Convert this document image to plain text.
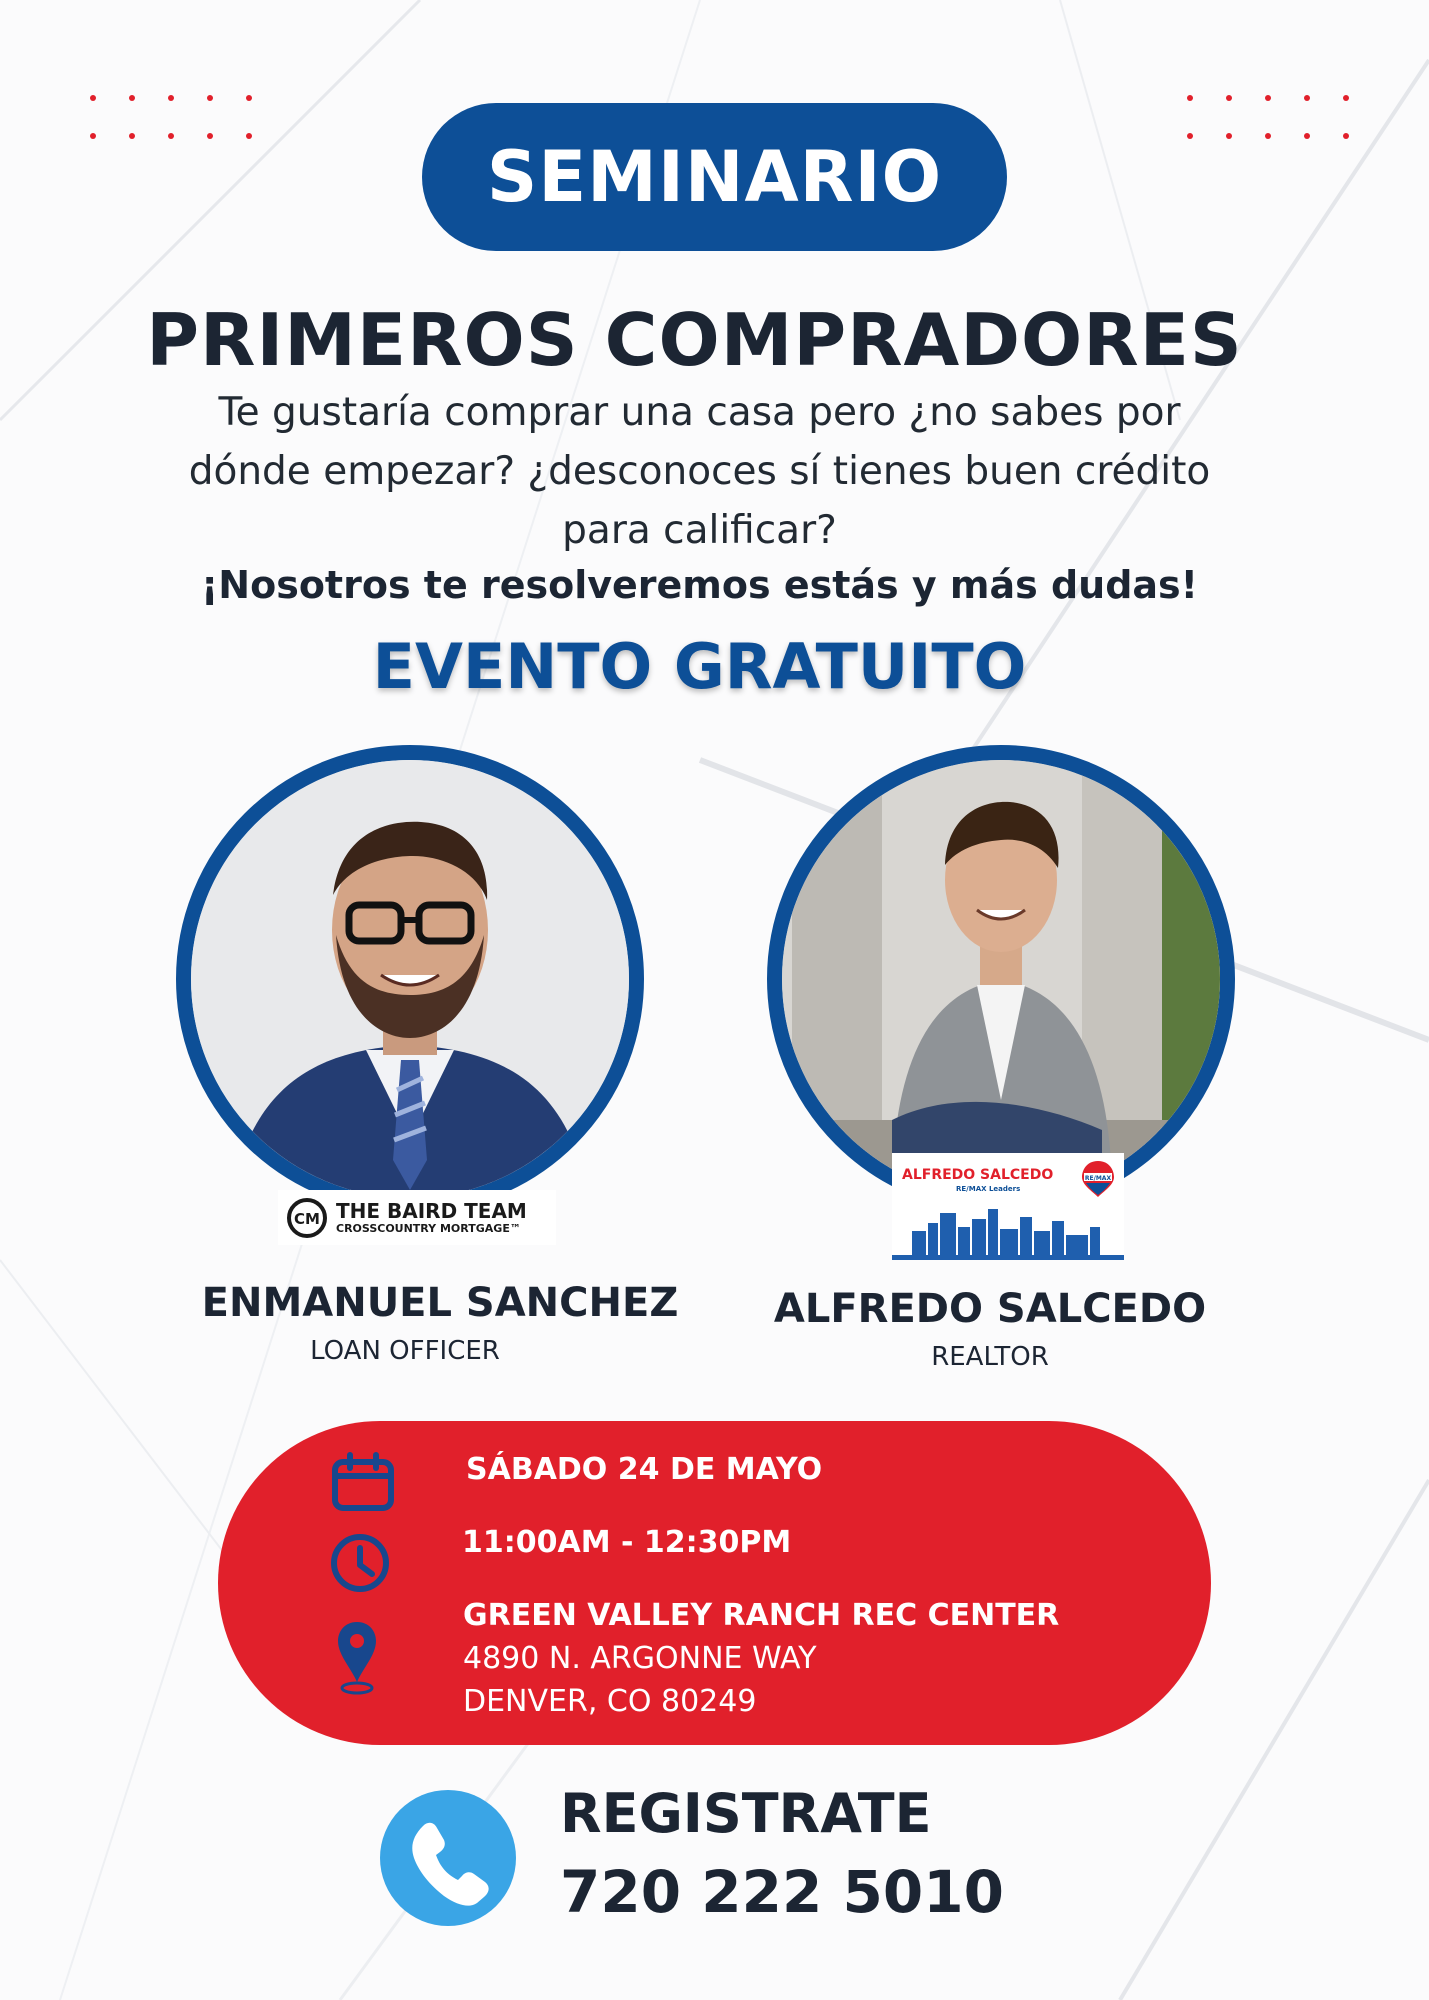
SEMINARIO
PRIMEROS COMPRADORES
Te gustaría comprar una casa pero ¿no sabes por
dónde empezar? ¿desconoces sí tienes buen crédito
para calificar?
¡Nosotros te resolveremos estás y más dudas!
EVENTO GRATUITO
CM THE BAIRD TEAM
CROSSCOUNTRY MORTGAGE™
ENMANUEL SANCHEZ
LOAN OFFICER
ALFREDO SALCEDO
RE/MAX Leaders
RE/MAX
ALFREDO SALCEDO
REALTOR
SÁBADO 24 DE MAYO
11:00AM - 12:30PM
GREEN VALLEY RANCH REC CENTER
4890 N. ARGONNE WAY
DENVER, CO 80249
REGISTRATE
720 222 5010
